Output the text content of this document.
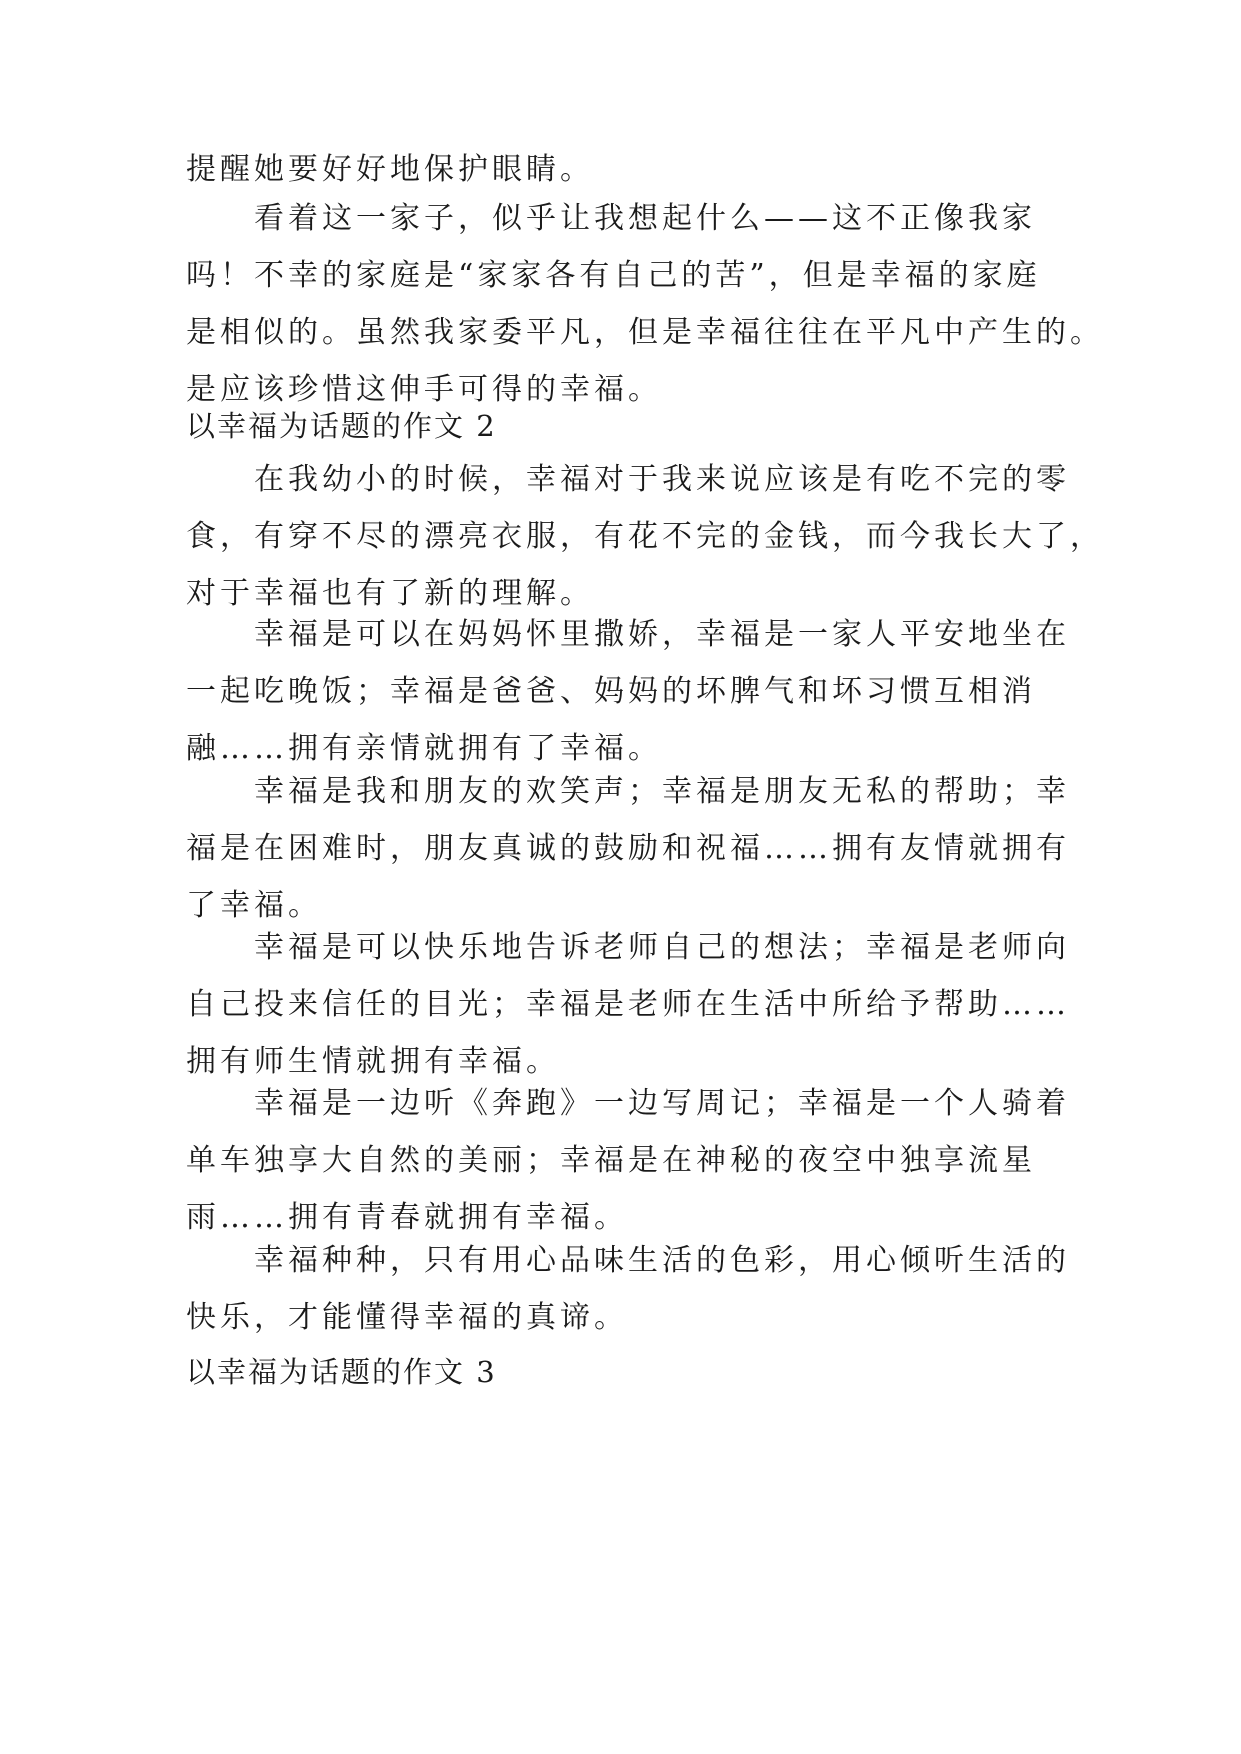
提醒她要好好地保护眼睛。

看着这一家子，似乎让我想起什么——这不正像我家

吗！不幸的家庭是“家家各有自己的苦”，但是幸福的家庭

是相似的。虽然我家委平凡，但是幸福往往在平凡中产生的。

是应该珍惜这伸手可得的幸福。

以幸福为话题的作文 2

在我幼小的时候，幸福对于我来说应该是有吃不完的零

食，有穿不尽的漂亮衣服，有花不完的金钱，而今我长大了，

对于幸福也有了新的理解。

幸福是可以在妈妈怀里撒娇，幸福是一家人平安地坐在

一起吃晚饭；幸福是爸爸、妈妈的坏脾气和坏习惯互相消

融……拥有亲情就拥有了幸福。

幸福是我和朋友的欢笑声；幸福是朋友无私的帮助；幸

福是在困难时，朋友真诚的鼓励和祝福……拥有友情就拥有

了幸福。

幸福是可以快乐地告诉老师自己的想法；幸福是老师向

自己投来信任的目光；幸福是老师在生活中所给予帮助……

拥有师生情就拥有幸福。

幸福是一边听《奔跑》一边写周记；幸福是一个人骑着

单车独享大自然的美丽；幸福是在神秘的夜空中独享流星

雨……拥有青春就拥有幸福。

幸福种种，只有用心品味生活的色彩，用心倾听生活的

快乐，才能懂得幸福的真谛。

以幸福为话题的作文 3
